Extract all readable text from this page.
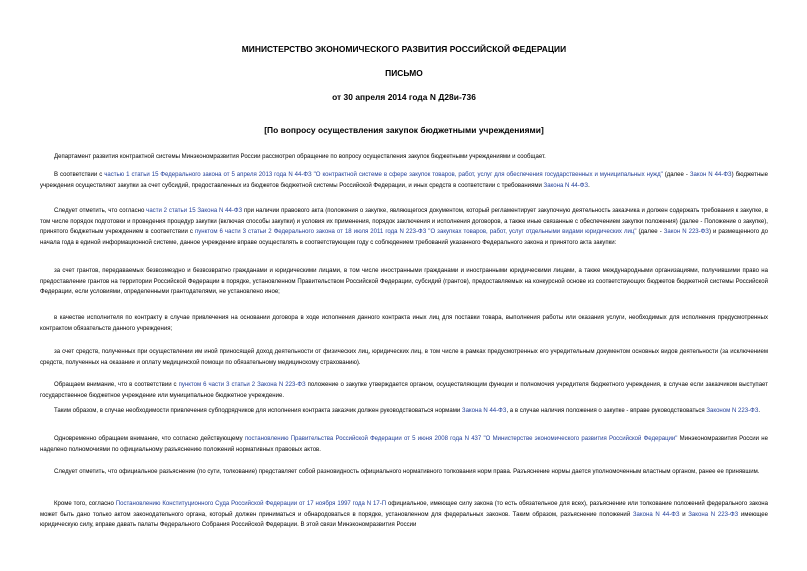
МИНИСТЕРСТВО ЭКОНОМИЧЕСКОГО РАЗВИТИЯ РОССИЙСКОЙ ФЕДЕРАЦИИ
ПИСЬМО
от 30 апреля 2014 года N Д28и-736
[По вопросу осуществления закупок бюджетными учреждениями]

Департамент развития контрактной системы Минэкономразвития России рассмотрел обращение по вопросу осуществления закупок бюджетными учреждениями и сообщает.

В соответствии с частью 1 статьи 15 Федерального закона от 5 апреля 2013 года N 44-ФЗ "О контрактной системе в сфере закупок товаров, работ, услуг для обеспечения государственных и муниципальных нужд" (далее - Закон N 44-ФЗ) бюджетные учреждения осуществляют закупки за счет субсидий, предоставленных из бюджетов бюджетной системы Российской Федерации, и иных средств в соответствии с требованиями Закона N 44-ФЗ.

Следует отметить, что согласно части 2 статьи 15 Закона N 44-ФЗ при наличии правового акта (положения о закупке, являющегося документом, который регламентирует закупочную деятельность заказчика и должен содержать требования к закупке, в том числе порядок подготовки и проведения процедур закупки (включая способы закупки) и условия их применения, порядок заключения и исполнения договоров, а также иные связанные с обеспечением закупки положения) (далее - Положение о закупке), принятого бюджетным учреждением в соответствии с пунктом 6 части 3 статьи 2 Федерального закона от 18 июля 2011 года N 223-ФЗ "О закупках товаров, работ, услуг отдельными видами юридических лиц" (далее - Закон N 223-ФЗ) и размещенного до начала года в единой информационной системе, данное учреждение вправе осуществлять в соответствующем году с соблюдением требований указанного Федерального закона и принятого акта закупки:

за счет грантов, передаваемых безвозмездно и безвозвратно гражданами и юридическими лицами, в том числе иностранными гражданами и иностранными юридическими лицами, а также международными организациями, получившими право на предоставление грантов на территории Российской Федерации в порядке, установленном Правительством Российской Федерации, субсидий (грантов), предоставляемых на конкурсной основе из соответствующих бюджетов бюджетной системы Российской Федерации, если условиями, определенными грантодателями, не установлено иное;

в качестве исполнителя по контракту в случае привлечения на основании договора в ходе исполнения данного контракта иных лиц для поставки товара, выполнения работы или оказания услуги, необходимых для исполнения предусмотренных контрактом обязательств данного учреждения;

за счет средств, полученных при осуществлении им иной приносящей доход деятельности от физических лиц, юридических лиц, в том числе в рамках предусмотренных его учредительным документом основных видов деятельности (за исключением средств, полученных на оказание и оплату медицинской помощи по обязательному медицинскому страхованию).

Обращаем внимание, что в соответствии с пунктом 6 части 3 статьи 2 Закона N 223-ФЗ положение о закупке утверждается органом, осуществляющим функции и полномочия учредителя бюджетного учреждения, в случае если заказчиком выступает государственное бюджетное учреждение или муниципальное бюджетное учреждение.

Таким образом, в случае необходимости привлечения субподрядчиков для исполнения контракта заказчик должен руководствоваться нормами Закона N 44-ФЗ, а в случае наличия положения о закупке - вправе руководствоваться Законом N 223-ФЗ.

Одновременно обращаем внимание, что согласно действующему постановлению Правительства Российской Федерации от 5 июня 2008 года N 437 "О Министерстве экономического развития Российской Федерации" Минэкономразвития России не наделено полномочиями по официальному разъяснению положений нормативных правовых актов.

Следует отметить, что официальное разъяснение (по сути, толкование) представляет собой разновидность официального нормативного толкования норм права. Разъяснение нормы дается уполномоченным властным органом, ранее ее принявшим.

Кроме того, согласно Постановлению Конституционного Суда Российской Федерации от 17 ноября 1997 года N 17-П официальное, имеющее силу закона (то есть обязательное для всех), разъяснение или толкование положений федерального закона может быть дано только актом законодательного органа, который должен приниматься и обнародоваться в порядке, установленном для федеральных законов. Таким образом, разъяснение положений Закона N 44-ФЗ и Закона N 223-ФЗ имеющее юридическую силу, вправе давать палаты Федерального Собрания Российской Федерации. В этой связи Минэкономразвития России
